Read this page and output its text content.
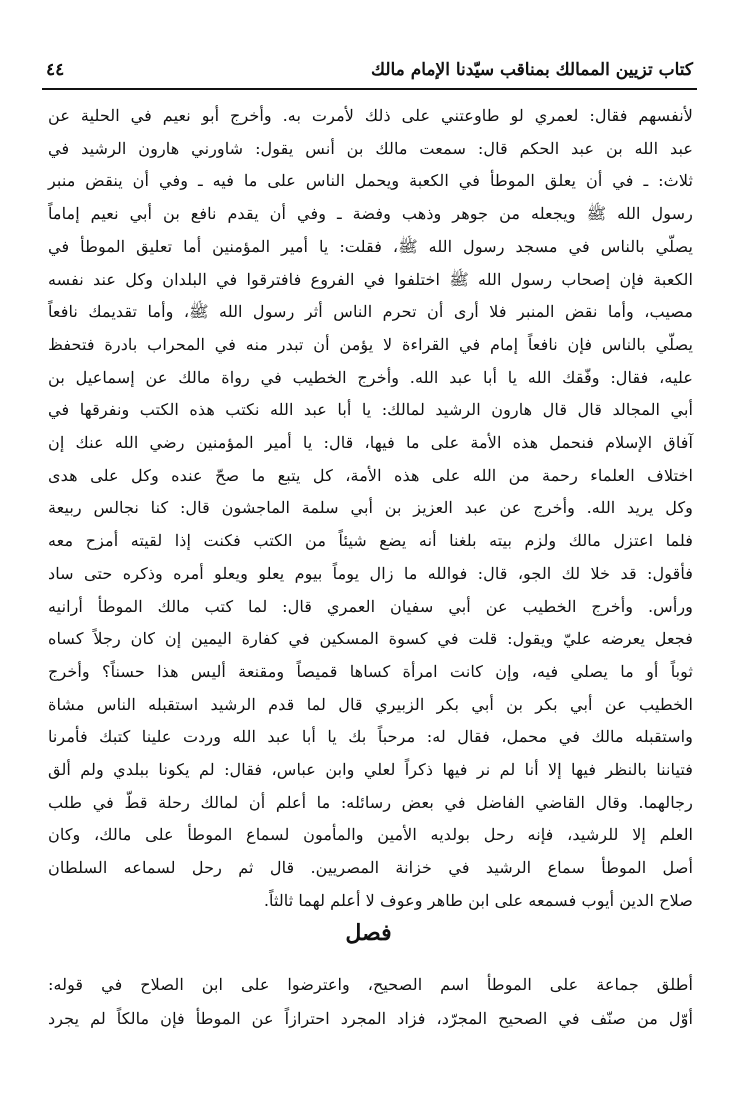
كتاب تزيين الممالك بمناقب سيّدنا الإمام مالك
٤٤

لأنفسهم فقال: لعمري لو طاوعتني على ذلك لأمرت به. وأخرج أبو نعيم في الحلية عن

عبد الله بن عبد الحكم قال: سمعت مالك بن أنس يقول: شاورني هارون الرشيد في

ثلاث: ـ في أن يعلق الموطأ في الكعبة ويحمل الناس على ما فيه ـ وفي أن ينقض منبر

رسول الله ﷺ ويجعله من جوهر وذهب وفضة ـ وفي أن يقدم نافع بن أبي نعيم إماماً

يصلّي بالناس في مسجد رسول الله ﷺ، فقلت: يا أمير المؤمنين أما تعليق الموطأ في

الكعبة فإن إصحاب رسول الله ﷺ اختلفوا في الفروع فافترقوا في البلدان وكل عند نفسه

مصيب، وأما نقض المنبر فلا أرى أن تحرم الناس أثر رسول الله ﷺ، وأما تقديمك نافعاً

يصلّي بالناس فإن نافعاً إمام في القراءة لا يؤمن أن تبدر منه في المحراب بادرة فتحفظ

عليه، فقال: وفّقك الله يا أبا عبد الله. وأخرج الخطيب في رواة مالك عن إسماعيل بن

أبي المجالد قال قال هارون الرشيد لمالك: يا أبا عبد الله نكتب هذه الكتب ونفرقها في

آفاق الإسلام فنحمل هذه الأمة على ما فيها، قال: يا أمير المؤمنين رضي الله عنك إن

اختلاف العلماء رحمة من الله على هذه الأمة، كل يتبع ما صحّ عنده وكل على هدى

وكل يريد الله. وأخرج عن عبد العزيز بن أبي سلمة الماجشون قال: كنا نجالس ربيعة

فلما اعتزل مالك ولزم بيته بلغنا أنه يضع شيئاً من الكتب فكنت إذا لقيته أمزح معه

فأقول: قد خلا لك الجو، قال: فوالله ما زال يوماً بيوم يعلو ويعلو أمره وذكره حتى ساد

ورأس. وأخرج الخطيب عن أبي سفيان العمري قال: لما كتب مالك الموطأ أرانيه

فجعل يعرضه عليّ ويقول: قلت في كسوة المسكين في كفارة اليمين إن كان رجلاً كساه

ثوباً أو ما يصلي فيه، وإن كانت امرأة كساها قميصاً ومقنعة أليس هذا حسناً؟ وأخرج

الخطيب عن أبي بكر بن أبي بكر الزبيري قال لما قدم الرشيد استقبله الناس مشاة

واستقبله مالك في محمل، فقال له: مرحباً بك يا أبا عبد الله وردت علينا كتبك فأمرنا

فتياننا بالنظر فيها إلا أنا لم نر فيها ذكراً لعلي وابن عباس، فقال: لم يكونا ببلدي ولم ألق

رجالهما. وقال القاضي الفاضل في بعض رسائله: ما أعلم أن لمالك رحلة قطّ في طلب

العلم إلا للرشيد، فإنه رحل بولديه الأمين والمأمون لسماع الموطأ على مالك، وكان

أصل الموطأ سماع الرشيد في خزانة المصريين. قال ثم رحل لسماعه السلطان

صلاح الدين أيوب فسمعه على ابن طاهر وعوف لا أعلم لهما ثالثاً.

فصل

أطلق جماعة على الموطأ اسم الصحيح، واعترضوا على ابن الصلاح في قوله:

أوّل من صنّف في الصحيح المجرّد، فزاد المجرد احترازاً عن الموطأ فإن مالكاً لم يجرد
